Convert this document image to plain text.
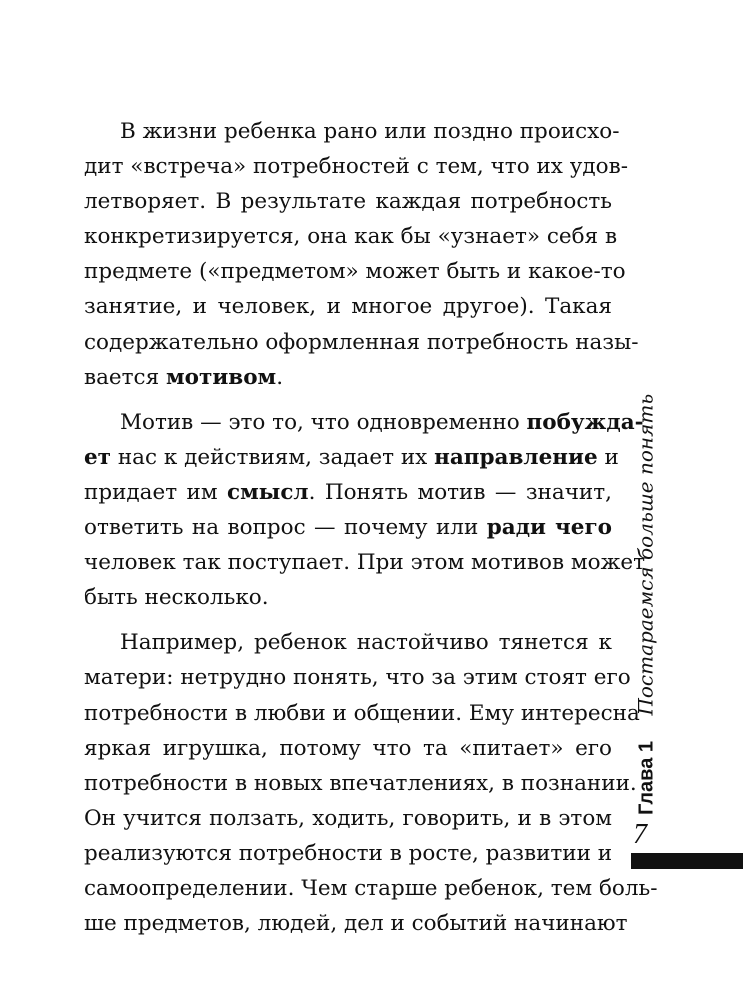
В жизни ребенка рано или поздно происхо-
дит «встреча» потребностей с тем, что их удов-
летворяет. В результате каждая потребность
конкретизируется, она как бы «узнает» себя в
предмете («предметом» может быть и какое-то
занятие, и человек, и многое другое). Такая
содержательно оформленная потребность назы-
вается мотивом.
Мотив — это то, что одновременно побуждa-
ет нас к действиям, задает их направление и
придает им смысл. Понять мотив — значит,
ответить на вопрос — почему или ради чего
человек так поступает. При этом мотивов может
быть несколько.
Например, ребенок настойчиво тянется к
матери: нетрудно понять, что за этим стоят его
потребности в любви и общении. Ему интересна
яркая игрушка, потому что та «питает» его
потребности в новых впечатлениях, в познании.
Он учится ползать, ходить, говорить, и в этом
реализуются потребности в росте, развитии и
самоопределении. Чем старше ребенок, тем боль-
ше предметов, людей, дел и событий начинают
Глава 1    Постараемся больше понять
7
